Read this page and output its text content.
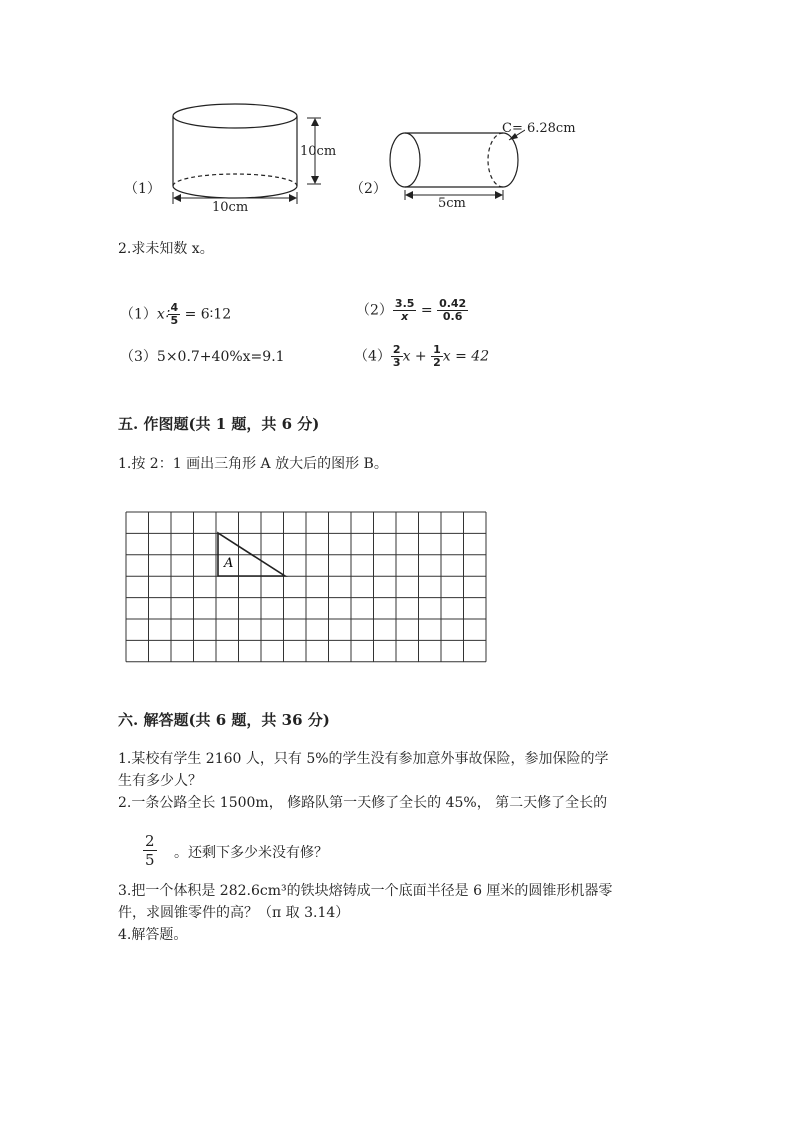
（1）
10cm
10cm
（2）
C= 6.28cm
5cm
2.求未知数 x。
（1）x∶ $\frac{4}{5}$ = 6∶12	$(2) \frac{3.5}{x} = \frac{0.42}{0.6}$
（3）5×0.7+40%x=9.1	$(4) \frac{2}{3}$ $x + \frac{1}{2}$ x = 42
五. 作图题(共 1 题，共 6 分)
1.按 2：1 画出三角形 A 放大后的图形 B。
A
六. 解答题(共 6 题，共 36 分)
1.某校有学生 2160 人，只有 5%的学生没有参加意外事故保险，参加保险的学
生有多少人？
2.一条公路全长 1500m， 修路队第一天修了全长的 45%， 第二天修了全长的
$\frac{2}{5}$ 。还剩下多少米没有修？
3.把一个体积是 282.6cm³的铁块熔铸成一个底面半径是 6 厘米的圆锥形机器零
件，求圆锥零件的高？（π 取 3.14）
4.解答题。
